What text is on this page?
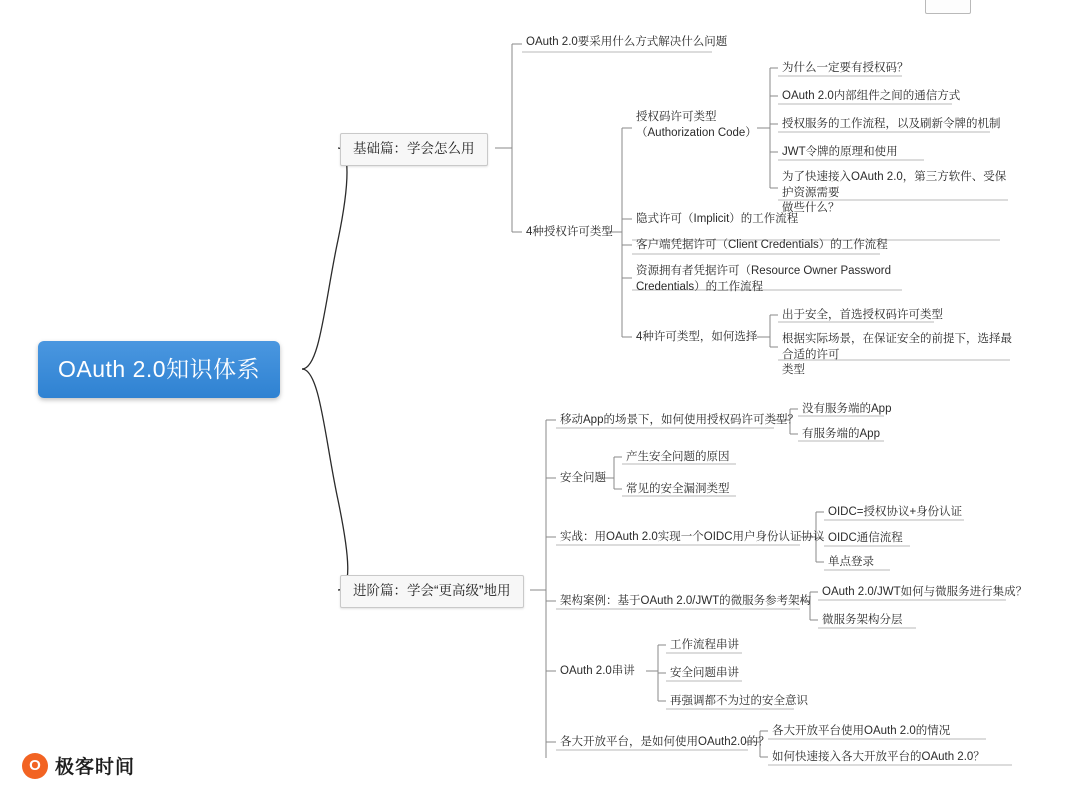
OAuth 2.0知识体系
基础篇：学会怎么用
进阶篇：学会“更高级”地用
OAuth 2.0要采用什么方式解决什么问题
4种授权许可类型
授权码许可类型
（Authorization Code）
为什么一定要有授权码？
OAuth 2.0内部组件之间的通信方式
授权服务的工作流程，以及刷新令牌的机制
JWT令牌的原理和使用
为了快速接入OAuth 2.0，第三方软件、受保护资源需要
做些什么？
隐式许可（Implicit）的工作流程
客户端凭据许可（Client Credentials）的工作流程
资源拥有者凭据许可（Resource Owner Password
Credentials）的工作流程
4种许可类型，如何选择
出于安全，首选授权码许可类型
根据实际场景，在保证安全的前提下，选择最合适的许可
类型
移动App的场景下，如何使用授权码许可类型？
没有服务端的App
有服务端的App
安全问题
产生安全问题的原因
常见的安全漏洞类型
实战：用OAuth 2.0实现一个OIDC用户身份认证协议
OIDC=授权协议+身份认证
OIDC通信流程
单点登录
架构案例：基于OAuth 2.0/JWT的微服务参考架构
OAuth 2.0/JWT如何与微服务进行集成？
微服务架构分层
OAuth 2.0串讲
工作流程串讲
安全问题串讲
再强调都不为过的安全意识
各大开放平台，是如何使用OAuth2.0的？
各大开放平台使用OAuth 2.0的情况
如何快速接入各大开放平台的OAuth 2.0？
O 极客时间
